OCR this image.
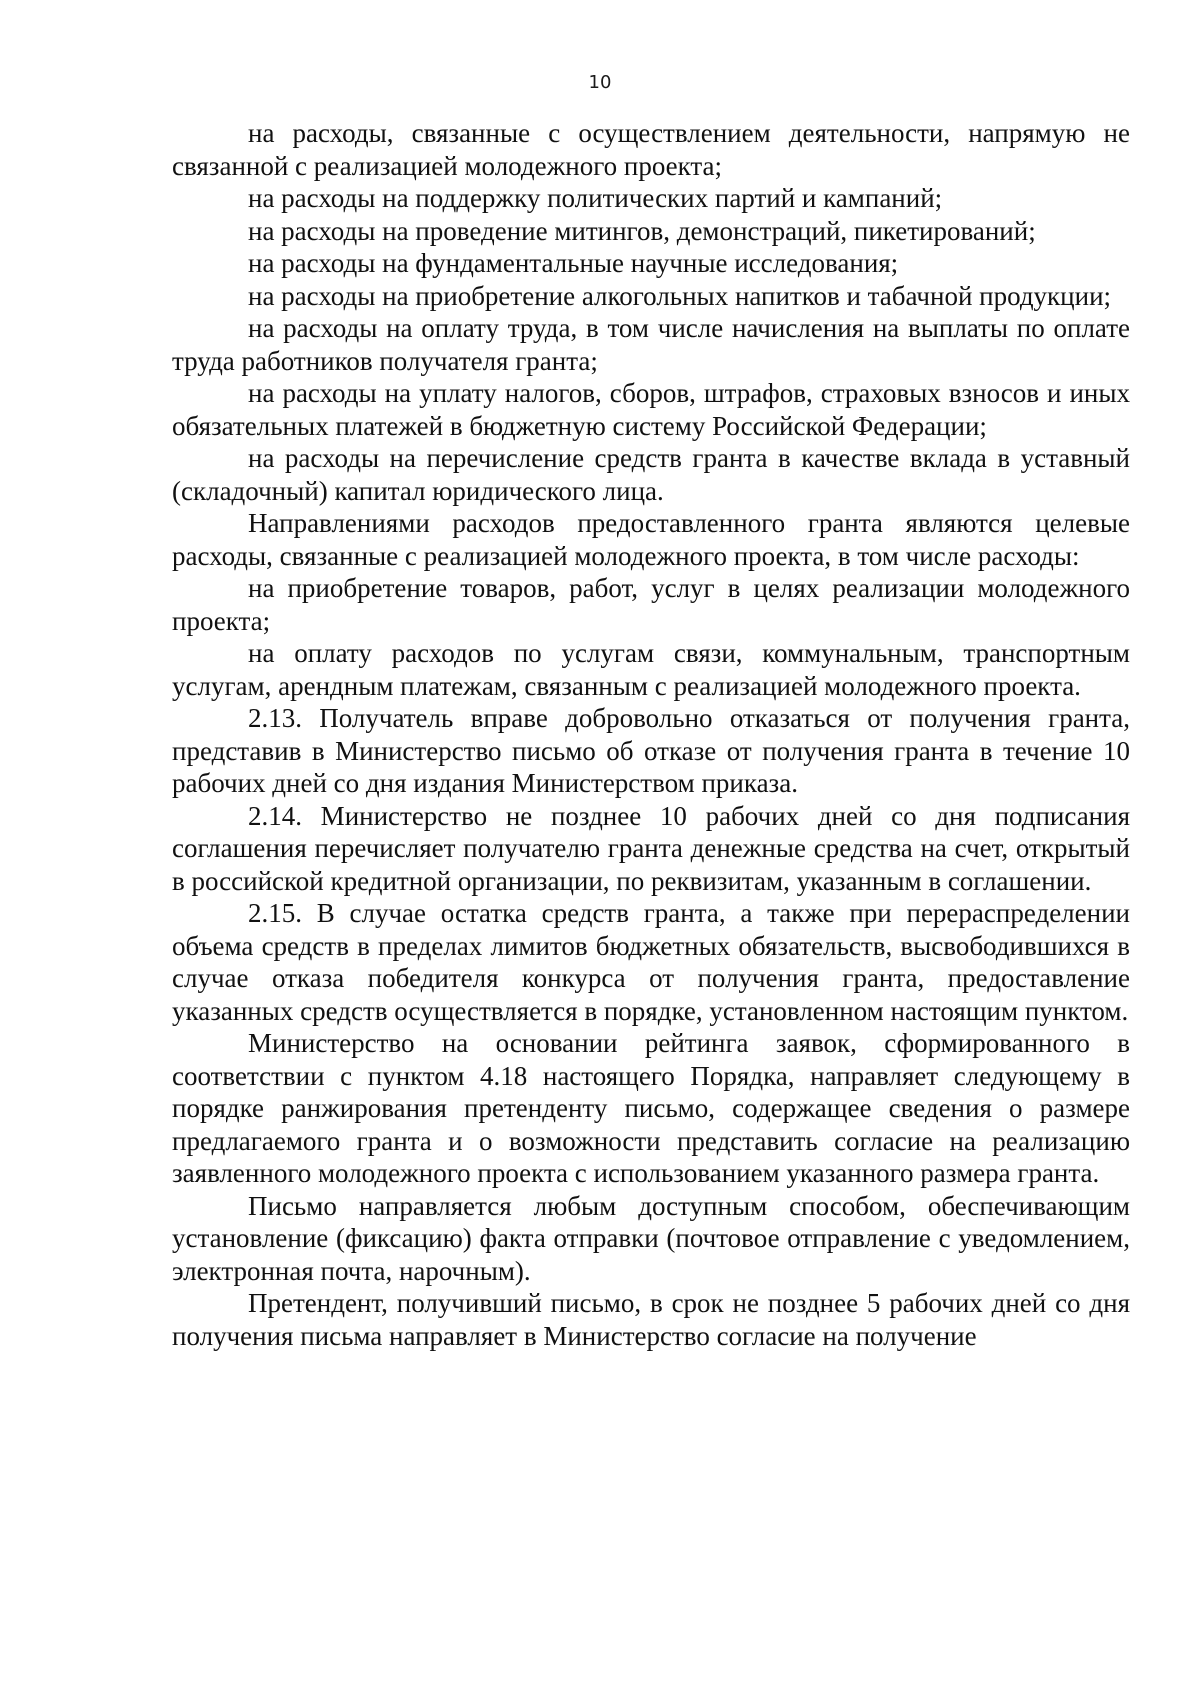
10

на расходы, связанные с осуществлением деятельности, напрямую не связанной с реализацией молодежного проекта;

на расходы на поддержку политических партий и кампаний;

на расходы на проведение митингов, демонстраций, пикетирований;

на расходы на фундаментальные научные исследования;

на расходы на приобретение алкогольных напитков и табачной продукции;

на расходы на оплату труда, в том числе начисления на выплаты по оплате труда работников получателя гранта;

на расходы на уплату налогов, сборов, штрафов, страховых взносов и иных обязательных платежей в бюджетную систему Российской Федерации;

на расходы на перечисление средств гранта в качестве вклада в уставный (складочный) капитал юридического лица.

Направлениями расходов предоставленного гранта являются целевые расходы, связанные с реализацией молодежного проекта, в том числе расходы:

на приобретение товаров, работ, услуг в целях реализации молодежного проекта;

на оплату расходов по услугам связи, коммунальным, транспортным услугам, арендным платежам, связанным с реализацией молодежного проекта.

2.13. Получатель вправе добровольно отказаться от получения гранта, представив в Министерство письмо об отказе от получения гранта в течение 10 рабочих дней со дня издания Министерством приказа.

2.14. Министерство не позднее 10 рабочих дней со дня подписания соглашения перечисляет получателю гранта денежные средства на счет, открытый в российской кредитной организации, по реквизитам, указанным в соглашении.

2.15. В случае остатка средств гранта, а также при перераспределении объема средств в пределах лимитов бюджетных обязательств, высвободившихся в случае отказа победителя конкурса от получения гранта, предоставление указанных средств осуществляется в порядке, установленном настоящим пунктом.

Министерство на основании рейтинга заявок, сформированного в соответствии с пунктом 4.18 настоящего Порядка, направляет следующему в порядке ранжирования претенденту письмо, содержащее сведения о размере предлагаемого гранта и о возможности представить согласие на реализацию заявленного молодежного проекта с использованием указанного размера гранта.

Письмо направляется любым доступным способом, обеспечивающим установление (фиксацию) факта отправки (почтовое отправление с уведомлением, электронная почта, нарочным).

Претендент, получивший письмо, в срок не позднее 5 рабочих дней со дня получения письма направляет в Министерство согласие на получение
